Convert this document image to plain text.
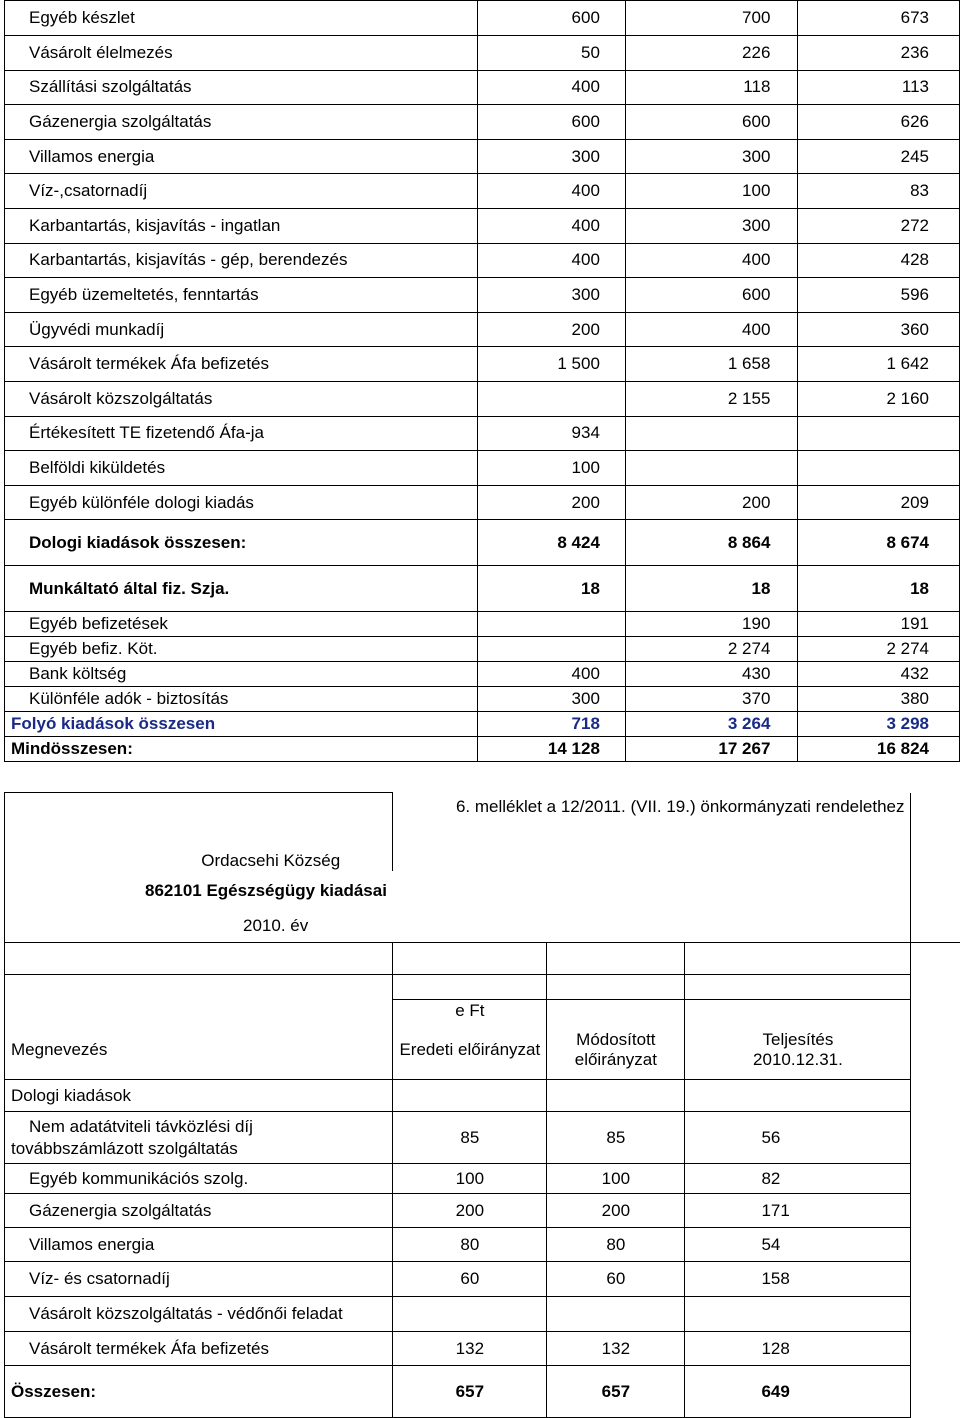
Egyéb készlet	600	700	673
Vásárolt élelmezés	50	226	236
Szállítási szolgáltatás	400	118	113
Gázenergia szolgáltatás	600	600	626
Villamos energia	300	300	245
Víz-,csatornadíj	400	100	83
Karbantartás, kisjavítás - ingatlan	400	300	272
Karbantartás, kisjavítás - gép, berendezés	400	400	428
Egyéb üzemeltetés, fenntartás	300	600	596
Ügyvédi munkadíj	200	400	360
Vásárolt termékek Áfa befizetés	1 500	1 658	1 642
Vásárolt közszolgáltatás		2 155	2 160
Értékesített TE fizetendő Áfa-ja	934		
Belföldi kiküldetés	100		
Egyéb különféle dologi kiadás	200	200	209
Dologi kiadások összesen:	8 424	8 864	8 674
Munkáltató által fiz. Szja.	18	18	18
Egyéb befizetések		190	191
Egyéb befiz. Köt.		2 274	2 274
Bank költség	400	430	432
Különféle adók - biztosítás	300	370	380
Folyó kiadások összesen	718	3 264	3 298
Mindösszesen:	14 128	17 267	16 824
	6. melléklet a 12/2011. (VII. 19.) önkormányzati rendelethez			
Ordacsehi Község				
862101 Egészségügy kiadásai				
2010. év				

	e Ft			
Megnevezés	Eredeti előirányzat	Módosított előirányzat	Teljesítés 2010.12.31.	
Dologi kiadások				
Nem adatátviteli távközlési díj továbbszámlázott szolgáltatás	85	85	56	
Egyéb kommunikációs szolg.	100	100	82	
Gázenergia szolgáltatás	200	200	171	
Villamos energia	80	80	54	
Víz- és csatornadíj	60	60	158	
Vásárolt közszolgáltatás - védőnői feladat				
Vásárolt termékek Áfa befizetés	132	132	128	
Összesen:	657	657	649	
